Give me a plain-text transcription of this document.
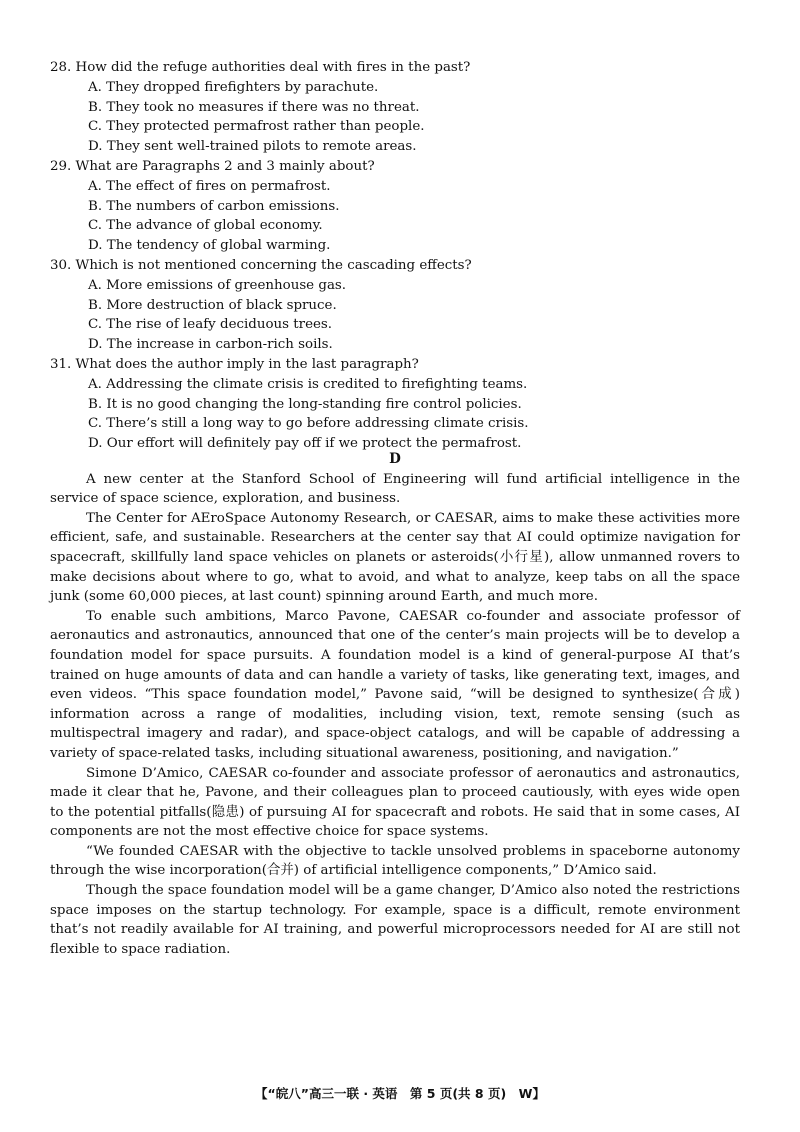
28. How did the refuge authorities deal with fires in the past?
A. They dropped firefighters by parachute.
B. They took no measures if there was no threat.
C. They protected permafrost rather than people.
D. They sent well-trained pilots to remote areas.
29. What are Paragraphs 2 and 3 mainly about?
A. The effect of fires on permafrost.
B. The numbers of carbon emissions.
C. The advance of global economy.
D. The tendency of global warming.
30. Which is not mentioned concerning the cascading effects?
A. More emissions of greenhouse gas.
B. More destruction of black spruce.
C. The rise of leafy deciduous trees.
D. The increase in carbon-rich soils.
31. What does the author imply in the last paragraph?
A. Addressing the climate crisis is credited to firefighting teams.
B. It is no good changing the long-standing fire control policies.
C. There’s still a long way to go before addressing climate crisis.
D. Our effort will definitely pay off if we protect the permafrost.
D

A new center at the Stanford School of Engineering will fund artificial intelligence in the service of space science, exploration, and business.

The Center for AEroSpace Autonomy Research, or CAESAR, aims to make these activities more efficient, safe, and sustainable. Researchers at the center say that AI could optimize navigation for spacecraft, skillfully land space vehicles on planets or asteroids(小行星), allow unmanned rovers to make decisions about where to go, what to avoid, and what to analyze, keep tabs on all the space junk (some 60,000 pieces, at last count) spinning around Earth, and much more.

To enable such ambitions, Marco Pavone, CAESAR co-founder and associate professor of aeronautics and astronautics, announced that one of the center’s main projects will be to develop a foundation model for space pursuits. A foundation model is a kind of general-purpose AI that’s trained on huge amounts of data and can handle a variety of tasks, like generating text, images, and even videos. “This space foundation model,” Pavone said, “will be designed to synthesize(合成) information across a range of modalities, including vision, text, remote sensing (such as multispectral imagery and radar), and space-object catalogs, and will be capable of addressing a variety of space-related tasks, including situational awareness, positioning, and navigation.”

Simone D’Amico, CAESAR co-founder and associate professor of aeronautics and astronautics, made it clear that he, Pavone, and their colleagues plan to proceed cautiously, with eyes wide open to the potential pitfalls(隐患) of pursuing AI for spacecraft and robots. He said that in some cases, AI components are not the most effective choice for space systems.

“We founded CAESAR with the objective to tackle unsolved problems in spaceborne autonomy through the wise incorporation(合并) of artificial intelligence components,” D’Amico said.

Though the space foundation model will be a game changer, D’Amico also noted the restrictions space imposes on the startup technology. For example, space is a difficult, remote environment that’s not readily available for AI training, and powerful microprocessors needed for AI are still not flexible to space radiation.

【“皖八”高三一联 · 英语　第 5 页(共 8 页)　W】
